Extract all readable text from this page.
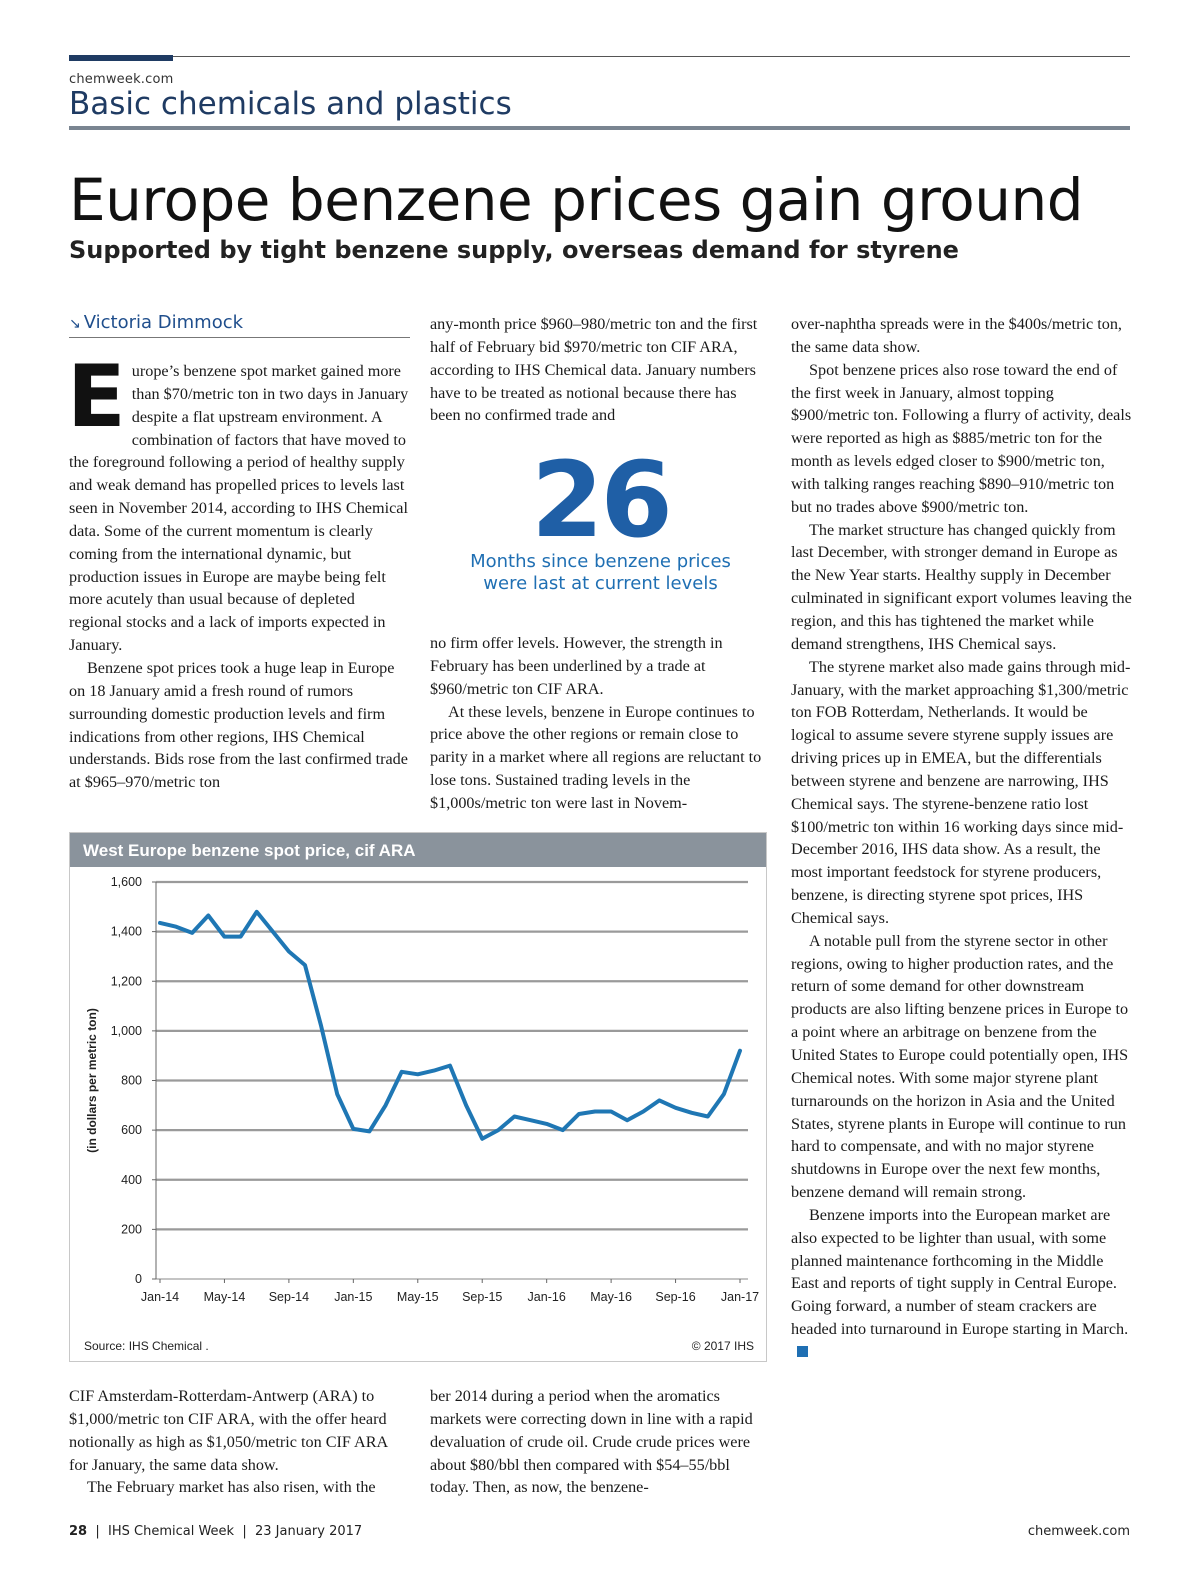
chemweek.com
Basic chemicals and plastics
Europe benzene prices gain ground
Supported by tight benzene supply, overseas demand for styrene
↘ Victoria Dimmock

Europe’s benzene spot market gained more than $70/metric ton in two days in January despite a flat upstream environment. A combination of factors that have moved to the foreground following a period of healthy supply and weak demand has propelled prices to levels last seen in November 2014, according to IHS Chemical data. Some of the current momentum is clearly coming from the international dynamic, but production issues in Europe are maybe being felt more acutely than usual because of depleted regional stocks and a lack of imports expected in January.

Benzene spot prices took a huge leap in Europe on 18 January amid a fresh round of rumors surrounding domestic production levels and firm indications from other regions, IHS Chemical understands. Bids rose from the last confirmed trade at $965–970/metric ton

CIF Amsterdam-Rotterdam-Antwerp (ARA) to $1,000/metric ton CIF ARA, with the offer heard notionally as high as $1,050/metric ton CIF ARA for January, the same data show.

The February market has also risen, with the

any-month price $960–980/metric ton and the first half of February bid $970/metric ton CIF ARA, according to IHS Chemical data. January numbers have to be treated as notional because there has been no confirmed trade and

26
Months since benzene prices
were last at current levels

no firm offer levels. However, the strength in February has been underlined by a trade at $960/metric ton CIF ARA.

At these levels, benzene in Europe continues to price above the other regions or remain close to parity in a market where all regions are reluctant to lose tons. Sustained trading levels in the $1,000s/metric ton were last in Novem-

ber 2014 during a period when the aromatics markets were correcting down in line with a rapid devaluation of crude oil. Crude crude prices were about $80/bbl then compared with $54–55/bbl today. Then, as now, the benzene-

over-naphtha spreads were in the $400s/metric ton, the same data show.

Spot benzene prices also rose toward the end of the first week in January, almost topping $900/metric ton. Following a flurry of activity, deals were reported as high as $885/metric ton for the month as levels edged closer to $900/metric ton, with talking ranges reaching $890–910/metric ton but no trades above $900/metric ton.

The market structure has changed quickly from last December, with stronger demand in Europe as the New Year starts. Healthy supply in December culminated in significant export volumes leaving the region, and this has tightened the market while demand strengthens, IHS Chemical says.

The styrene market also made gains through mid-January, with the market approaching $1,300/metric ton FOB Rotterdam, Netherlands. It would be logical to assume severe styrene supply issues are driving prices up in EMEA, but the differentials between styrene and benzene are narrowing, IHS Chemical says. The styrene-benzene ratio lost $100/metric ton within 16 working days since mid-December 2016, IHS data show. As a result, the most important feedstock for styrene producers, benzene, is directing styrene spot prices, IHS Chemical says.

A notable pull from the styrene sector in other regions, owing to higher production rates, and the return of some demand for other downstream products are also lifting benzene prices in Europe to a point where an arbitrage on benzene from the United States to Europe could potentially open, IHS Chemical notes. With some major styrene plant turnarounds on the horizon in Asia and the United States, styrene plants in Europe will continue to run hard to compensate, and with no major styrene shutdowns in Europe over the next few months, benzene demand will remain strong.

Benzene imports into the European market are also expected to be lighter than usual, with some planned maintenance forthcoming in the Middle East and reports of tight supply in Central Europe. Going forward, a number of steam crackers are headed into turnaround in Europe starting in March.

West Europe benzene spot price, cif ARA
0
200
400
600
800
1,000
1,200
1,400
1,600
Jan-14 May-14 Sep-14 Jan-15 May-15 Sep-15 Jan-16 May-16 Sep-16 Jan-17
(in dollars per metric ton)
Source: IHS Chemical .	© 2017 IHS
28  |  IHS Chemical Week  |  23 January 2017	chemweek.com
